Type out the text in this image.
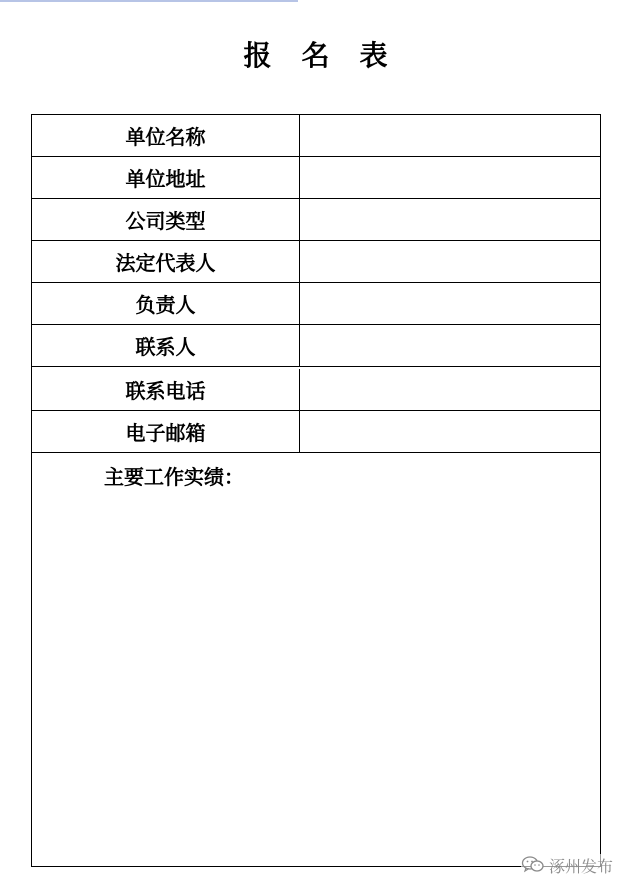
报 名 表
单位名称
单位地址
公司类型
法定代表人
负责人
联系人
联系电话
电子邮箱
主要工作实绩：
涿州发布
